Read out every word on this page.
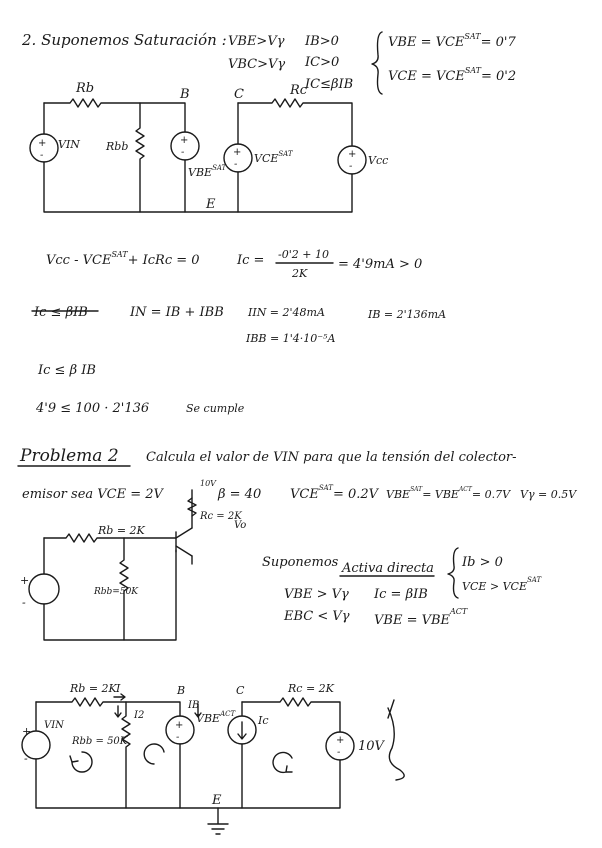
2. Suponemos Saturación : VBE>Vγ IB>0
VBC>Vγ IC>0
IC≤βIB
VBE = $VCE^{SAT}= 0'7$
VCE = $VCE^{SAT}= 0'2$
+
-
+
-	+
-
+
-
Rb	B	C	Rc
VIN Rbb
$VBE^{SAT}$
$VCE^{SAT}$	Vcc
E
Vcc - $VCE^{SAT}+$ IcRc = 0	Ic = -0'2 + 10
2K
= 4'9mA > 0
Ic ≤ βIB	IN = IB + IBB IIN = 2'48mA	IB = 2'136mA
IBB = 1'4·10⁻⁵A
Ic ≤ β IB
4'9 ≤ 100 · 2'136	Se cumple
Problema 2 Calcula el valor de VIN para que la tensión del colector-
emisor sea VCE = 2V
10V
β = 40 $VCE^{SAT}= 0.2V$ $VBE^{SAT}= VBE^{ACT}= 0.7V$ Vγ = 0.5V
+
-
Rb = 2K
Rc = 2K
Vo
Rbb=50K
Suponemos Activa directa Ib > 0
VCE > $VCE^{SAT}$
VBE > Vγ Ic = βIB
EBC < Vγ VBE = $VBE^{ACT}$
+
-
+
-	+
-
Rb = 2K I	B	C	Rc = 2K
I2
IB
$VBE^{ACT}$ Ic
VIN
Rbb = 50K	10V
E
